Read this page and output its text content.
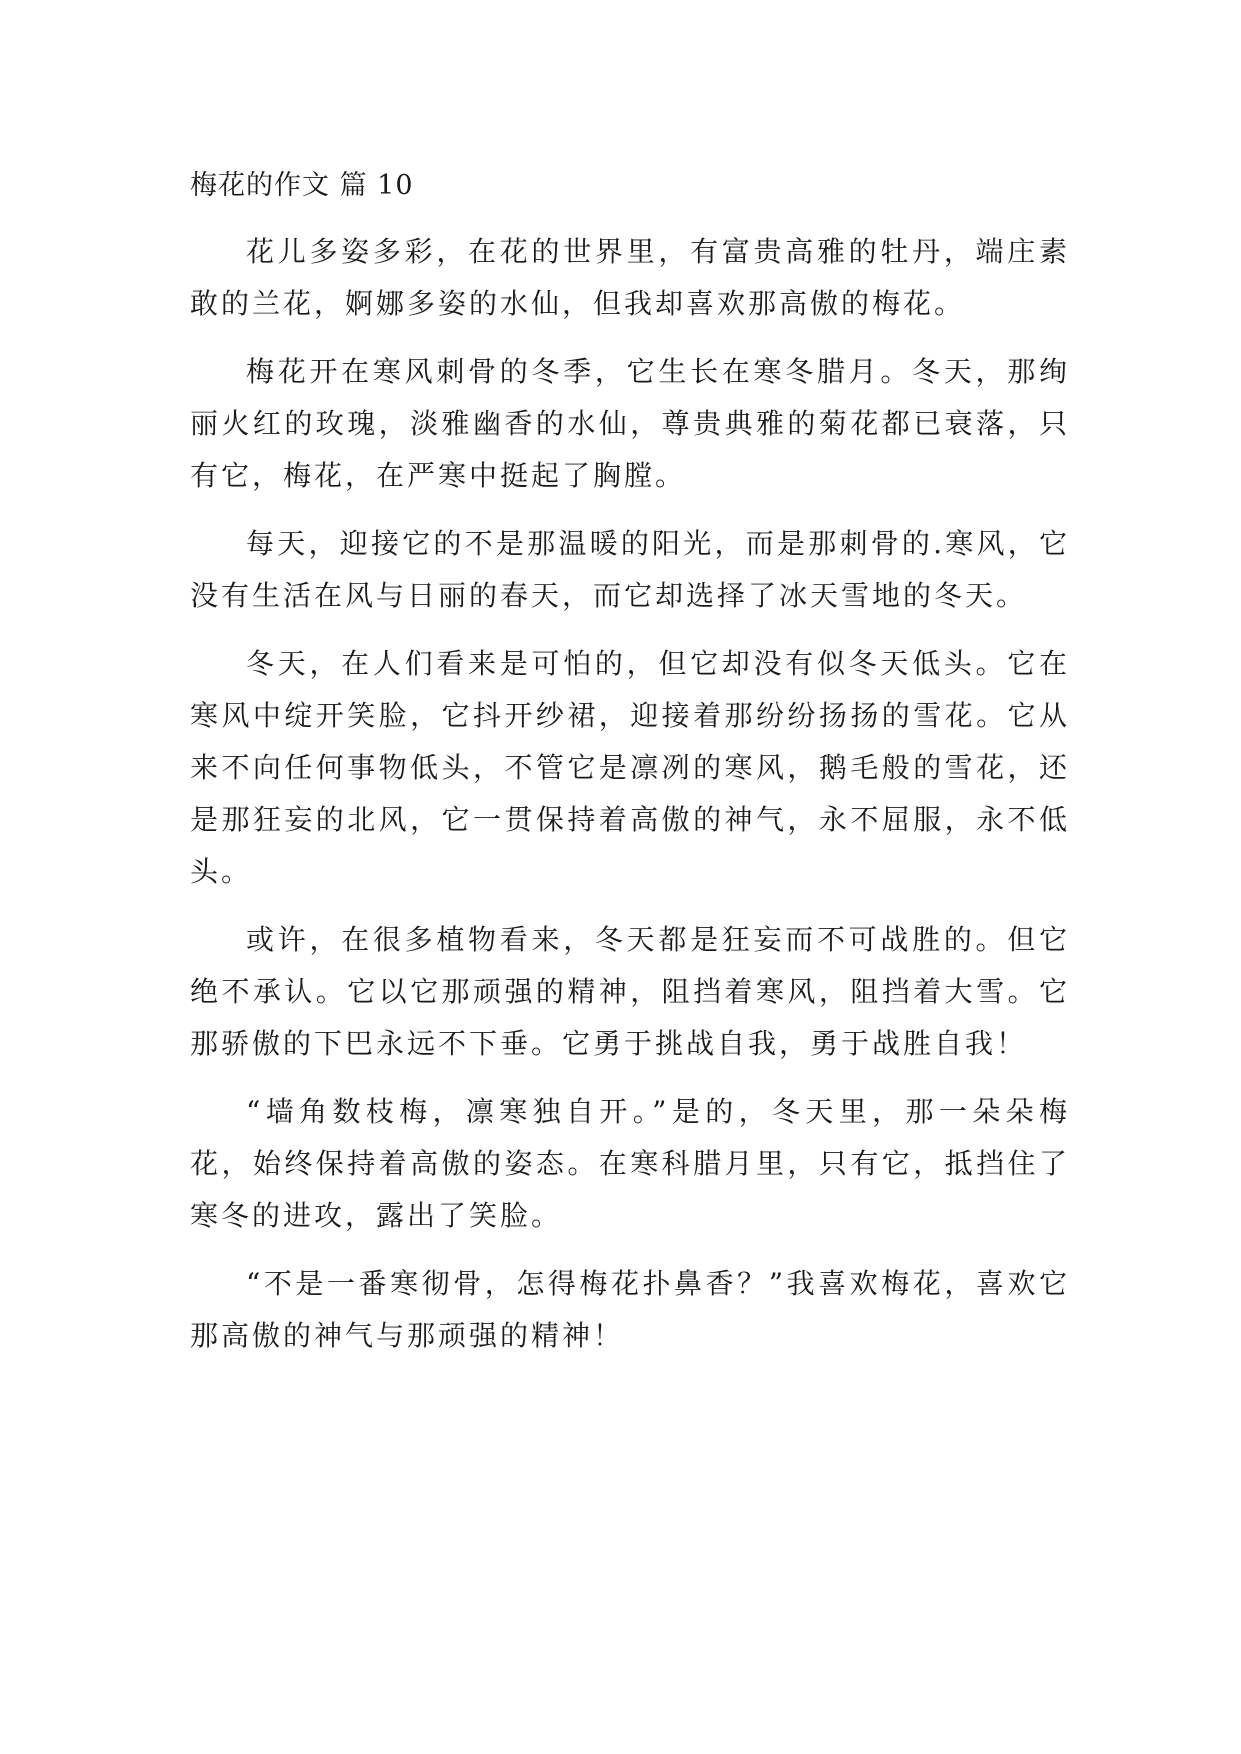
梅花的作文 篇 10

花儿多姿多彩，在花的世界里，有富贵高雅的牡丹，端庄素敢的兰花，婀娜多姿的水仙，但我却喜欢那高傲的梅花。

梅花开在寒风刺骨的冬季，它生长在寒冬腊月。冬天，那绚丽火红的玫瑰，淡雅幽香的水仙，尊贵典雅的菊花都已衰落，只有它，梅花，在严寒中挺起了胸膛。

每天，迎接它的不是那温暖的阳光，而是那刺骨的.寒风，它没有生活在风与日丽的春天，而它却选择了冰天雪地的冬天。

冬天，在人们看来是可怕的，但它却没有似冬天低头。它在寒风中绽开笑脸，它抖开纱裙，迎接着那纷纷扬扬的雪花。它从来不向任何事物低头，不管它是凛冽的寒风，鹅毛般的雪花，还是那狂妄的北风，它一贯保持着高傲的神气，永不屈服，永不低头。

或许，在很多植物看来，冬天都是狂妄而不可战胜的。但它绝不承认。它以它那顽强的精神，阻挡着寒风，阻挡着大雪。它那骄傲的下巴永远不下垂。它勇于挑战自我，勇于战胜自我！

“墙角数枝梅，凛寒独自开。”是的，冬天里，那一朵朵梅花，始终保持着高傲的姿态。在寒科腊月里，只有它，抵挡住了寒冬的进攻，露出了笑脸。

“不是一番寒彻骨，怎得梅花扑鼻香？”我喜欢梅花，喜欢它那高傲的神气与那顽强的精神！
